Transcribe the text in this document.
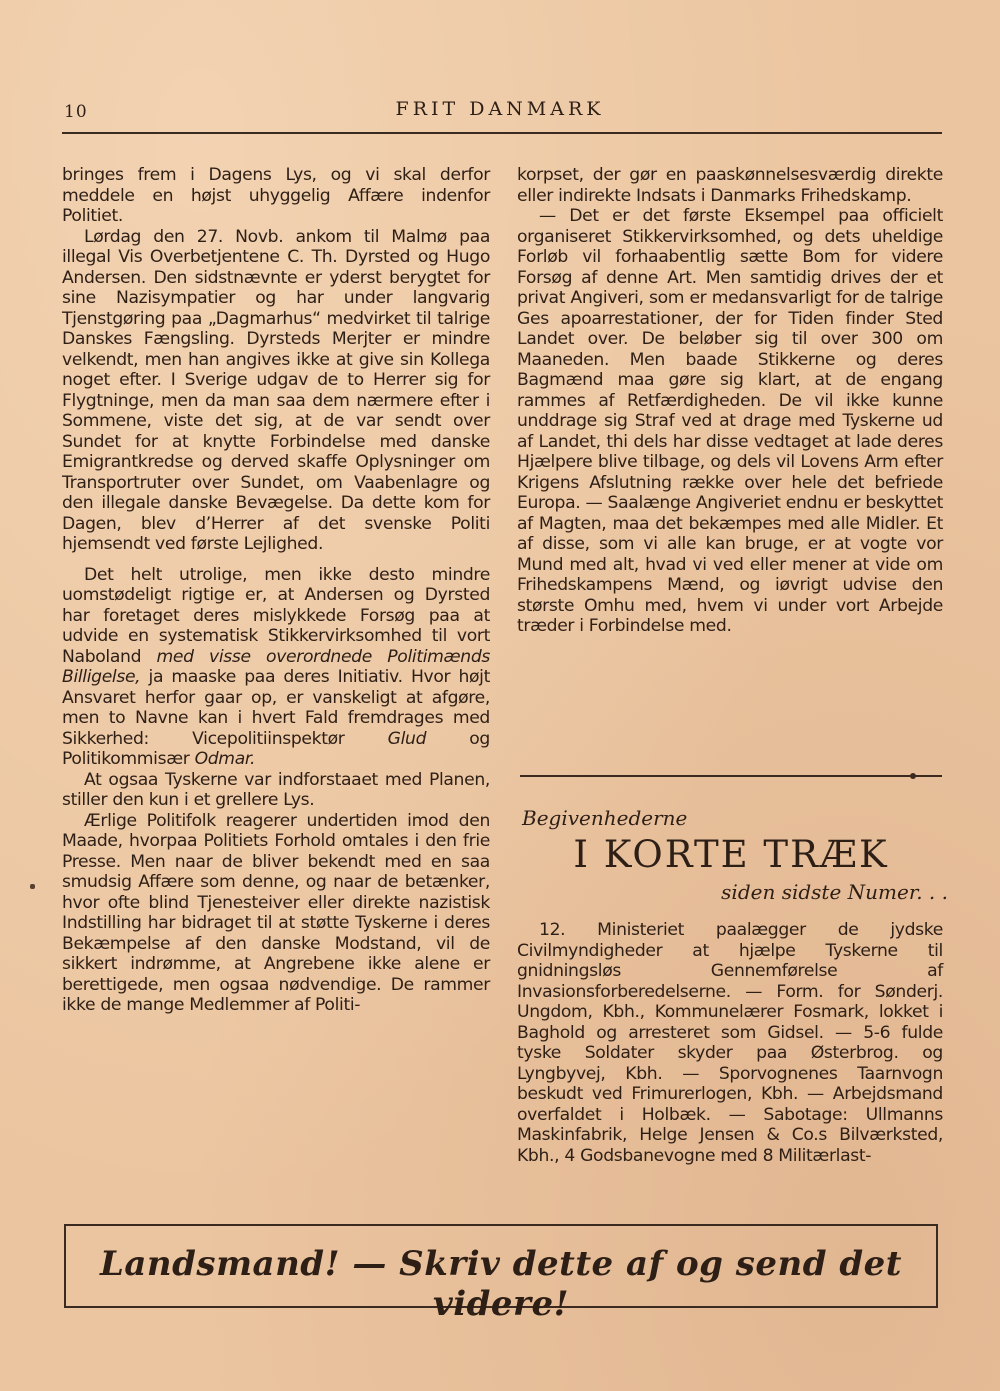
10	FRIT DANMARK

bringes frem i Dagens Lys, og vi skal derfor meddele en højst uhyggelig Affære indenfor Politiet.

Lørdag den 27. Novb. ankom til Malmø paa illegal Vis Overbetjentene C. Th. Dyrsted og Hugo Andersen. Den sidstnævnte er yderst berygtet for sine Nazisympatier og har under langvarig Tjenstgøring paa „Dagmarhus“ medvirket til talrige Danskes Fængsling. Dyrsteds Merjter er mindre velkendt, men han angives ikke at give sin Kollega noget efter. I Sverige udgav de to Herrer sig for Flygtninge, men da man saa dem nærmere efter i Sommene, viste det sig, at de var sendt over Sundet for at knytte Forbindelse med danske Emigrantkredse og derved skaffe Oplysninger om Transportruter over Sundet, om Vaabenlagre og den illegale danske Bevægelse. Da dette kom for Dagen, blev d’Herrer af det svenske Politi hjemsendt ved første Lejlighed.

Det helt utrolige, men ikke desto mindre uomstødeligt rigtige er, at Andersen og Dyrsted har foretaget deres mislykkede Forsøg paa at udvide en systematisk Stikkervirksomhed til vort Naboland med visse overordnede Politimænds Billigelse, ja maaske paa deres Initiativ. Hvor højt Ansvaret herfor gaar op, er vanskeligt at afgøre, men to Navne kan i hvert Fald fremdrages med Sikkerhed: Vicepolitiinspektør Glud og Politikommisær Odmar.

At ogsaa Tyskerne var indforstaaet med Planen, stiller den kun i et grellere Lys.

Ærlige Politifolk reagerer undertiden imod den Maade, hvorpaa Politiets Forhold omtales i den frie Presse. Men naar de bliver bekendt med en saa smudsig Affære som denne, og naar de betænker, hvor ofte blind Tjenesteiver eller direkte nazistisk Indstilling har bidraget til at støtte Tyskerne i deres Bekæmpelse af den danske Modstand, vil de sikkert indrømme, at Angrebene ikke alene er berettigede, men ogsaa nødvendige. De rammer ikke de mange Medlemmer af Politi-

korpset, der gør en paaskønnelsesværdig direkte eller indirekte Indsats i Danmarks Frihedskamp.

— Det er det første Eksempel paa officielt organiseret Stikkervirksomhed, og dets uheldige Forløb vil forhaabentlig sætte Bom for videre Forsøg af denne Art. Men samtidig drives der et privat Angiveri, som er medansvarligt for de talrige Ges apoarrestationer, der for Tiden finder Sted Landet over. De beløber sig til over 300 om Maaneden. Men baade Stikkerne og deres Bagmænd maa gøre sig klart, at de engang rammes af Retfærdigheden. De vil ikke kunne unddrage sig Straf ved at drage med Tyskerne ud af Landet, thi dels har disse vedtaget at lade deres Hjælpere blive tilbage, og dels vil Lovens Arm efter Krigens Afslutning række over hele det befriede Europa. — Saalænge Angiveriet endnu er beskyttet af Magten, maa det bekæmpes med alle Midler. Et af disse, som vi alle kan bruge, er at vogte vor Mund med alt, hvad vi ved eller mener at vide om Frihedskampens Mænd, og iøvrigt udvise den største Omhu med, hvem vi under vort Arbejde træder i Forbindelse med.

Begivenhederne
I KORTE TRÆK
siden sidste Numer. . .

12. Ministeriet paalægger de jydske Civilmyndigheder at hjælpe Tyskerne til gnidningsløs Gennemførelse af Invasionsforberedelserne. — Form. for Sønderj. Ungdom, Kbh., Kommunelærer Fosmark, lokket i Baghold og arresteret som Gidsel. — 5-6 fulde tyske Soldater skyder paa Østerbrog. og Lyngbyvej, Kbh. — Sporvognenes Taarnvogn beskudt ved Frimurerlogen, Kbh. — Arbejdsmand overfaldet i Holbæk. — Sabotage: Ullmanns Maskinfabrik, Helge Jensen & Co.s Bilværksted, Kbh., 4 Godsbanevogne med 8 Militærlast-

Landsmand! — Skriv dette af og send det videre!
